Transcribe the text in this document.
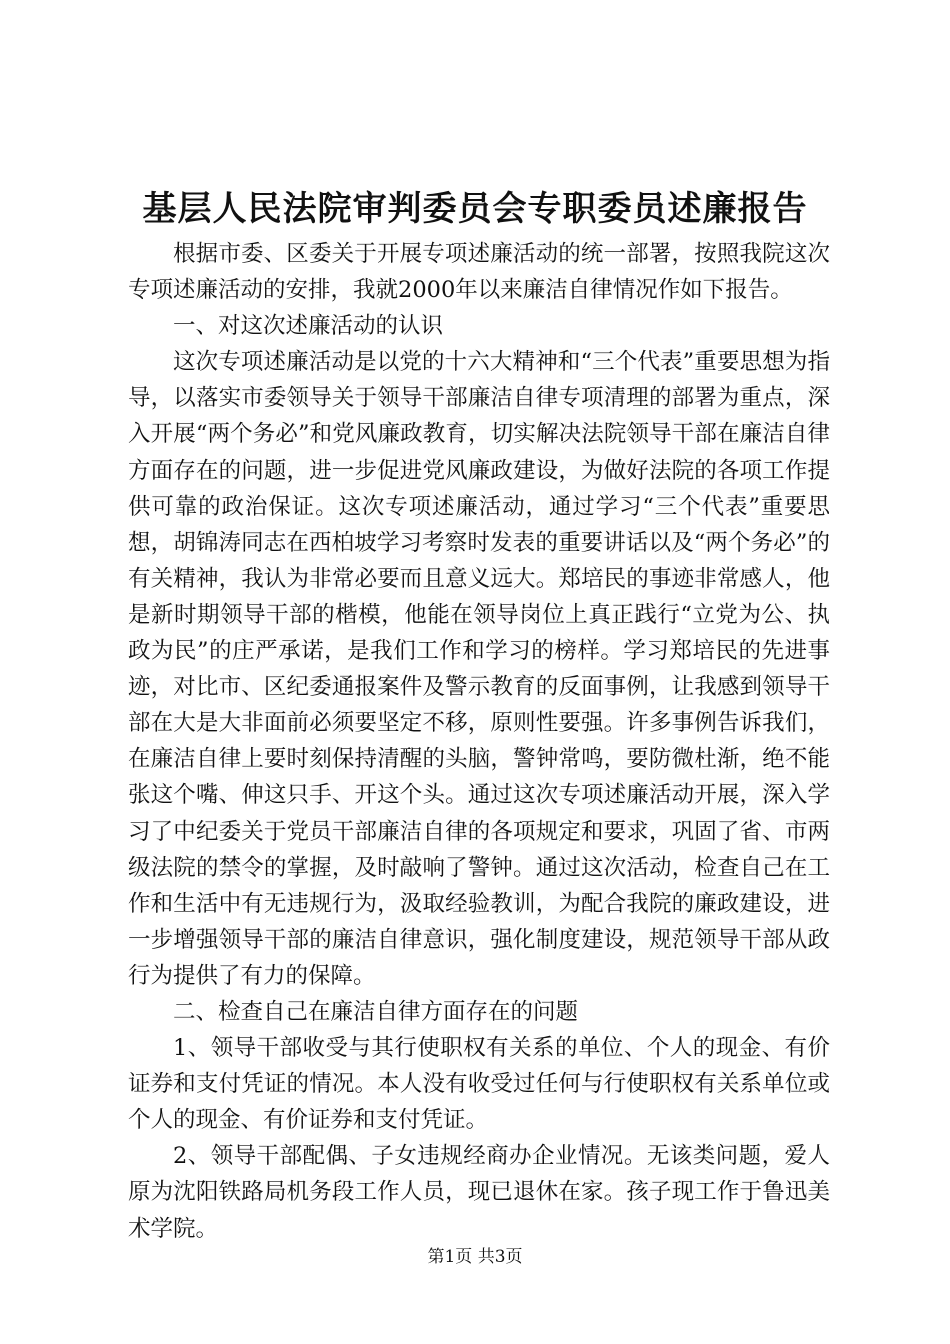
基层人民法院审判委员会专职委员述廉报告

根据市委、区委关于开展专项述廉活动的统一部署，按照我院这次专项述廉活动的安排，我就2000年以来廉洁自律情况作如下报告。

一、对这次述廉活动的认识

这次专项述廉活动是以党的十六大精神和“三个代表”重要思想为指导，以落实市委领导关于领导干部廉洁自律专项清理的部署为重点，深入开展“两个务必”和党风廉政教育，切实解决法院领导干部在廉洁自律方面存在的问题，进一步促进党风廉政建设，为做好法院的各项工作提供可靠的政治保证。这次专项述廉活动，通过学习“三个代表”重要思想，胡锦涛同志在西柏坡学习考察时发表的重要讲话以及“两个务必”的有关精神，我认为非常必要而且意义远大。郑培民的事迹非常感人，他是新时期领导干部的楷模，他能在领导岗位上真正践行“立党为公、执政为民”的庄严承诺，是我们工作和学习的榜样。学习郑培民的先进事迹，对比市、区纪委通报案件及警示教育的反面事例，让我感到领导干部在大是大非面前必须要坚定不移，原则性要强。许多事例告诉我们，在廉洁自律上要时刻保持清醒的头脑，警钟常鸣，要防微杜渐，绝不能张这个嘴、伸这只手、开这个头。通过这次专项述廉活动开展，深入学习了中纪委关于党员干部廉洁自律的各项规定和要求，巩固了省、市两级法院的禁令的掌握，及时敲响了警钟。通过这次活动，检查自己在工作和生活中有无违规行为，汲取经验教训，为配合我院的廉政建设，进一步增强领导干部的廉洁自律意识，强化制度建设，规范领导干部从政行为提供了有力的保障。

二、检查自己在廉洁自律方面存在的问题

1、领导干部收受与其行使职权有关系的单位、个人的现金、有价证券和支付凭证的情况。本人没有收受过任何与行使职权有关系单位或个人的现金、有价证券和支付凭证。

2、领导干部配偶、子女违规经商办企业情况。无该类问题，爱人原为沈阳铁路局机务段工作人员，现已退休在家。孩子现工作于鲁迅美术学院。

第1页 共3页
